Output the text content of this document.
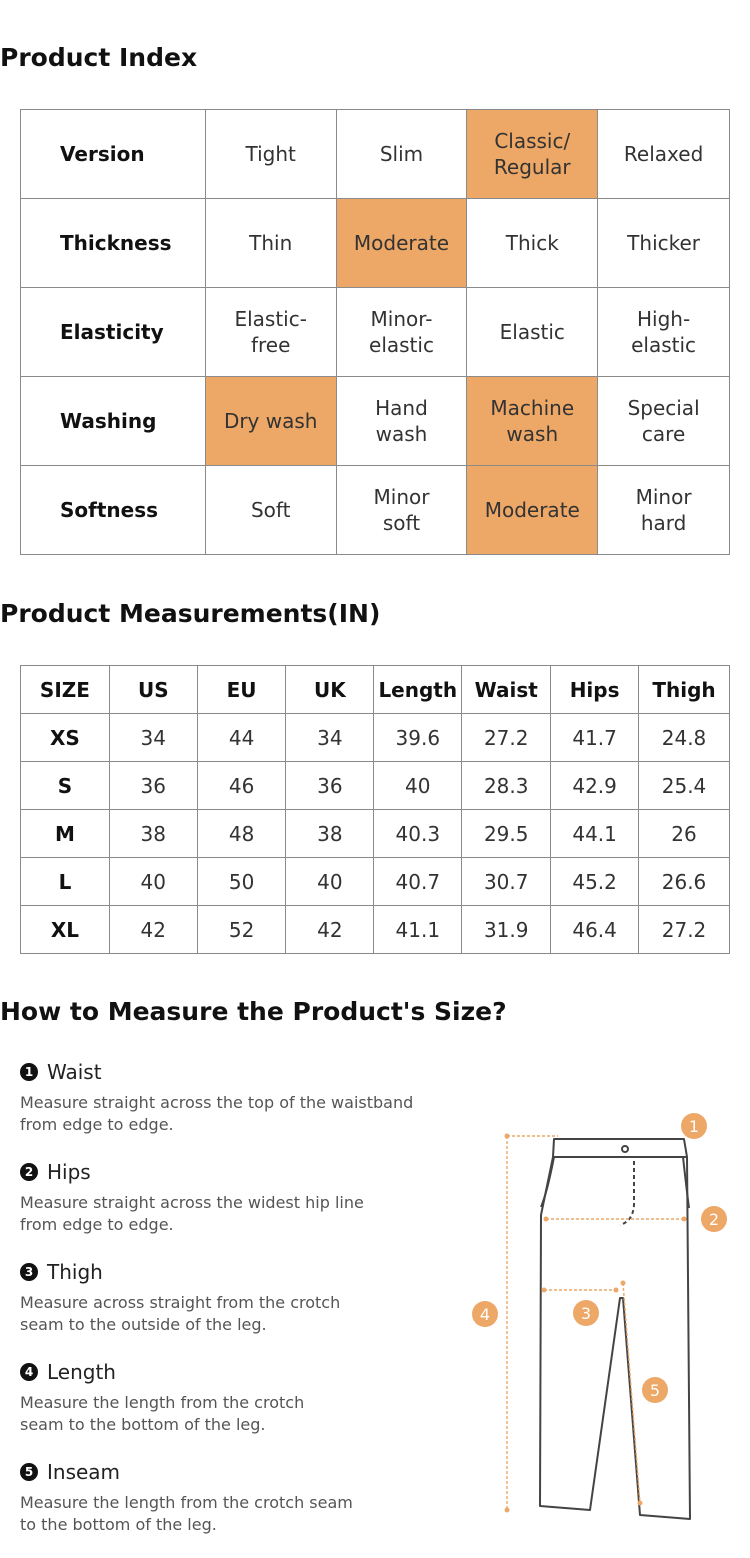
Product Index
Version	Tight	Slim	Classic/ Regular	Relaxed
Thickness	Thin	Moderate	Thick	Thicker
Elasticity	Elastic- free	Minor- elastic	Elastic	High- elastic
Washing	Dry wash	Hand wash	Machine wash	Special care
Softness	Soft	Minor soft	Moderate	Minor hard
Product Measurements(IN)
SIZE	US	EU	UK	Length	Waist	Hips	Thigh
XS	34	44	34	39.6	27.2	41.7	24.8
S	36	46	36	40	28.3	42.9	25.4
M	38	48	38	40.3	29.5	44.1	26
L	40	50	40	40.7	30.7	45.2	26.6
XL	42	52	42	41.1	31.9	46.4	27.2
How to Measure the Product's Size?
1 Waist
Measure straight across the top of the waistband
from edge to edge.
2 Hips
Measure straight across the widest hip line
from edge to edge.
3 Thigh
Measure across straight from the crotch
seam to the outside of the leg.
4 Length
Measure the length from the crotch
seam to the bottom of the leg.
5 Inseam
Measure the length from the crotch seam
to the bottom of the leg.
1
2
3
4
5
